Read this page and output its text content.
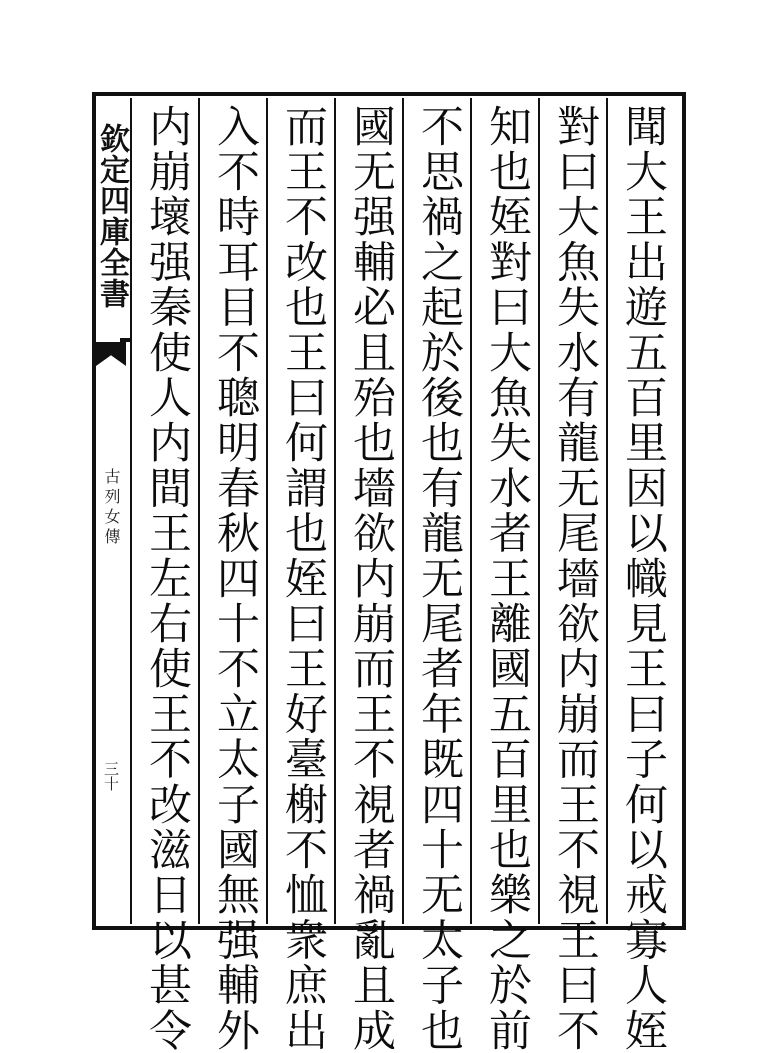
聞大王出遊五百里因以幟見王曰子何以戒寡人姪
對曰大魚失水有龍无尾墻欲内崩而王不視王曰不
知也姪對曰大魚失水者王離國五百里也樂之於前
不思禍之起於後也有龍无尾者年既四十无太子也
國无强輔必且殆也墻欲内崩而王不視者禍亂且成
而王不改也王曰何謂也姪曰王好臺榭不恤衆庶出
入不時耳目不聰明春秋四十不立太子國無强輔外
内崩壞强秦使人内間王左右使王不改滋日以甚令
欽定四庫全書
古列女傳
三十
